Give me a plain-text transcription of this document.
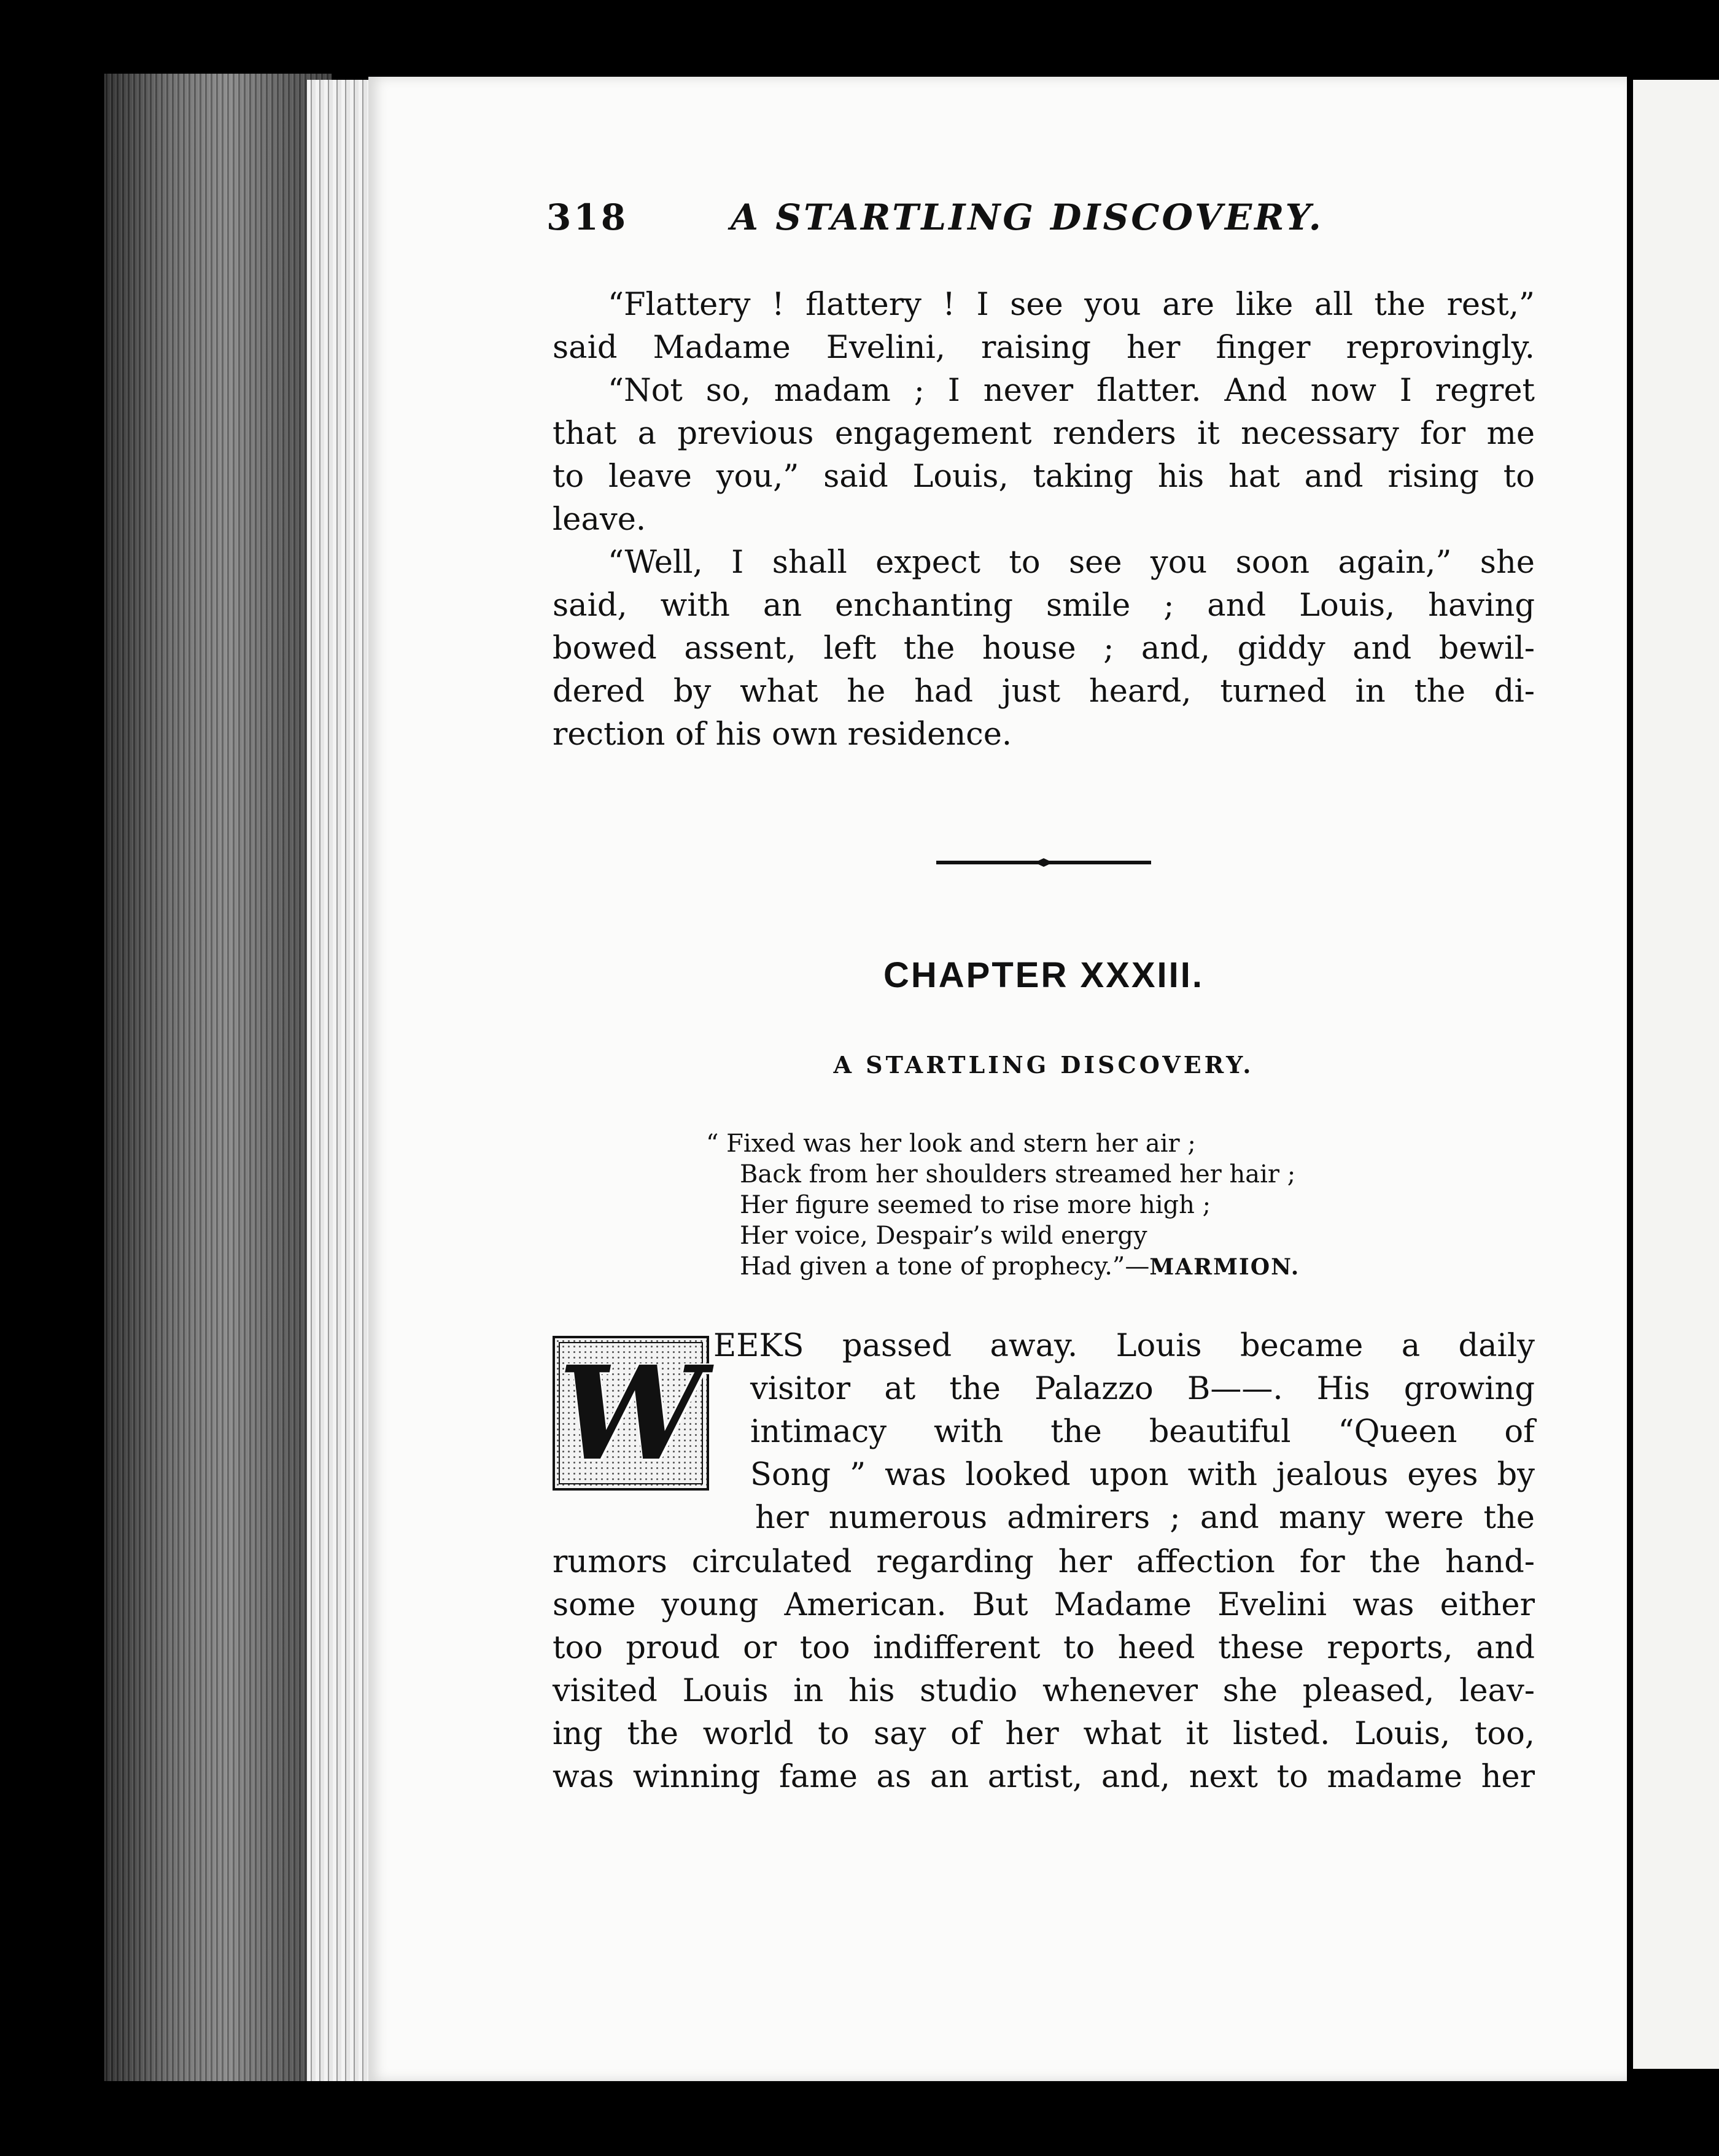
318	A STARTLING DISCOVERY.
“Flattery ! flattery ! I see you are like all the rest,”
said Madame Evelini, raising her finger reprovingly.
“Not so, madam ; I never flatter. And now I regret
that a previous engagement renders it necessary for me
to leave you,” said Louis, taking his hat and rising to
leave.
“Well, I shall expect to see you soon again,” she
said, with an enchanting smile ; and Louis, having
bowed assent, left the house ; and, giddy and bewil-
dered by what he had just heard, turned in the di-
rection of his own residence.
CHAPTER XXXIII.
A STARTLING DISCOVERY.
“ Fixed was her look and stern her air ;
Back from her shoulders streamed her hair ;
Her figure seemed to rise more high ;
Her voice, Despair’s wild energy
Had given a tone of prophecy.”—MARMION.
W EEKS passed away. Louis became a daily
visitor at the Palazzo B——. His growing
intimacy with the beautiful “Queen of
Song ” was looked upon with jealous eyes by
her numerous admirers ; and many were the
rumors circulated regarding her affection for the hand-
some young American. But Madame Evelini was either
too proud or too indifferent to heed these reports, and
visited Louis in his studio whenever she pleased, leav-
ing the world to say of her what it listed. Louis, too,
was winning fame as an artist, and, next to madame her
